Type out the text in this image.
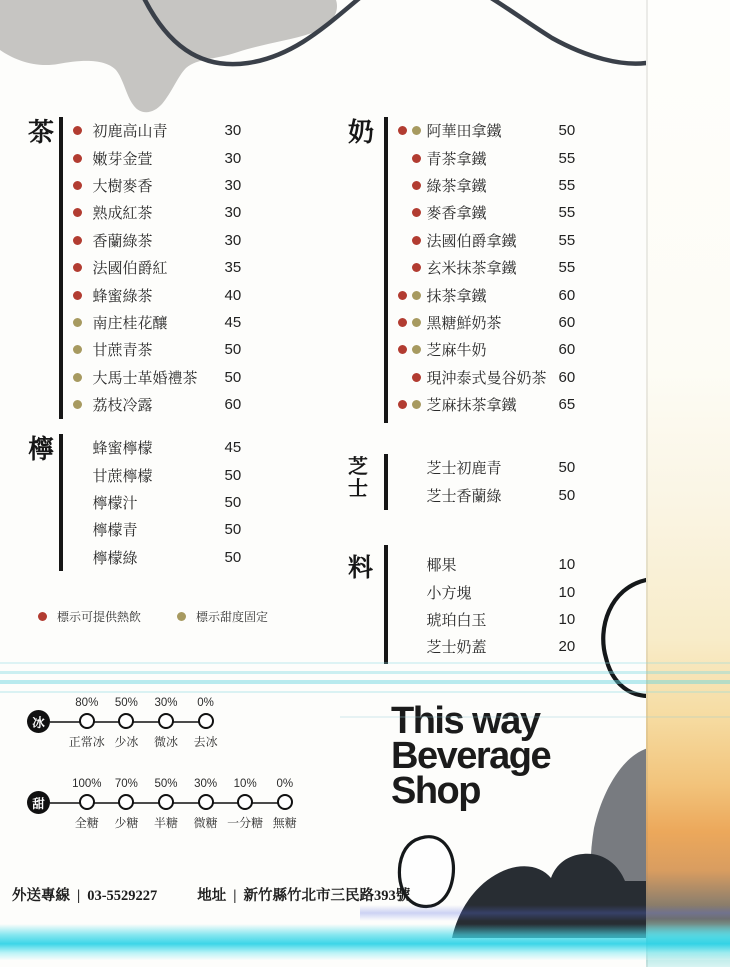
茶	初鹿高山青	30
嫩芽金萱	30
大樹麥香	30
熟成紅茶	30
香蘭綠茶	30
法國伯爵紅	35
蜂蜜綠茶	40
南庄桂花釀	45
甘蔗青茶	50
大馬士革婚禮茶	50
荔枝冷露	60
奶	阿華田拿鐵	50
青茶拿鐵	55
綠茶拿鐵	55
麥香拿鐵	55
法國伯爵拿鐵	55
玄米抹茶拿鐵	55
抹茶拿鐵	60
黑糖鮮奶茶	60
芝麻牛奶	60
現沖泰式曼谷奶茶 60
芝麻抹茶拿鐵	65
檸	蜂蜜檸檬	45
甘蔗檸檬	50
檸檬汁	50
檸檬青	50
檸檬綠	50
芝士
芝士初鹿青	50
芝士香蘭綠	50
料	椰果	10
小方塊	10
琥珀白玉	10
芝士奶蓋	20
標示可提供熱飲	標示甜度固定
冰
80%
正常冰
50%
少冰
30%
微冰
0%
去冰
甜
100%
全糖
70%
少糖
50%
半糖
30%
微糖
10%
一分糖
0%
無糖
This way
Beverage
Shop
外送專線 | 03-5529227	地址 | 新竹縣竹北市三民路393號
